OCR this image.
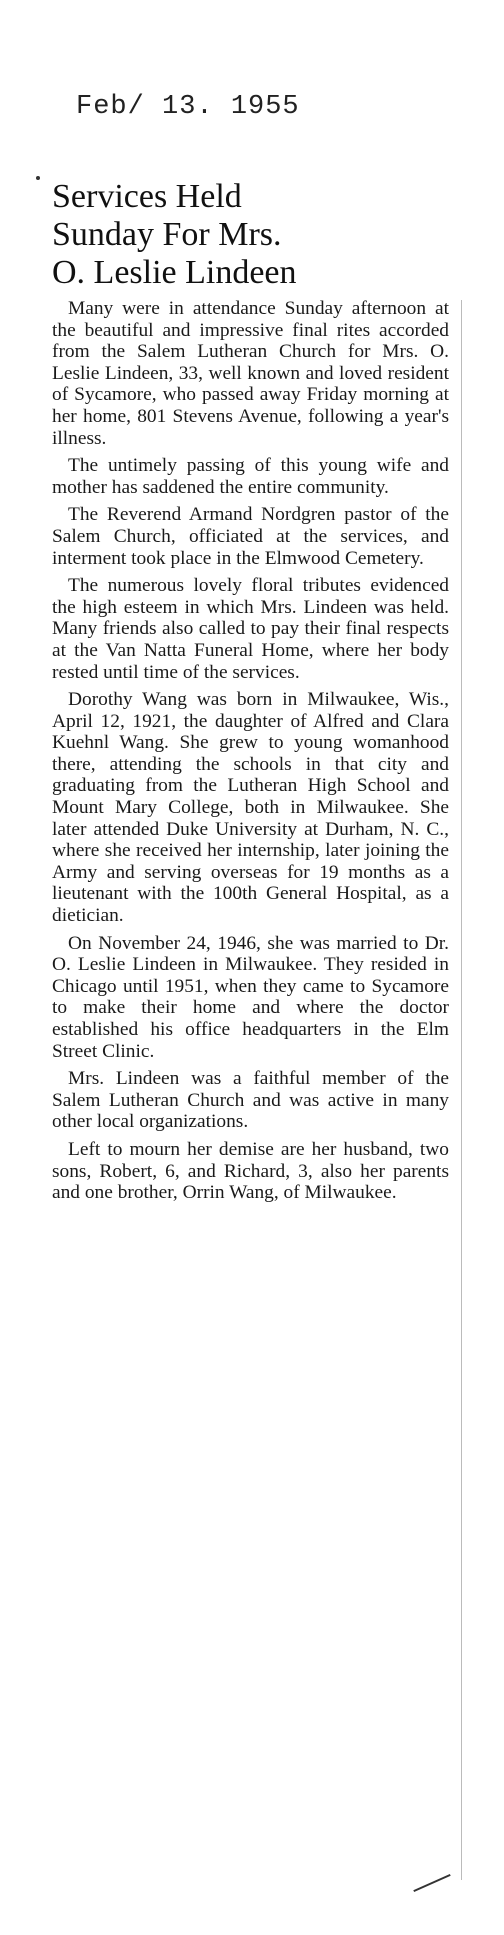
Feb/ 13. 1955
Services Held
Sunday For Mrs.
O. Leslie Lindeen

Many were in attendance Sunday afternoon at the beautiful and impressive final rites accorded from the Salem Lutheran Church for Mrs. O. Leslie Lindeen, 33, well known and loved resident of Sycamore, who passed away Friday morning at her home, 801 Stevens Avenue, following a year's illness.

The untimely passing of this young wife and mother has saddened the entire community.

The Reverend Armand Nordgren pastor of the Salem Church, officiated at the services, and interment took place in the Elmwood Cemetery.

The numerous lovely floral tributes evidenced the high esteem in which Mrs. Lindeen was held. Many friends also called to pay their final respects at the Van Natta Funeral Home, where her body rested until time of the services.

Dorothy Wang was born in Milwaukee, Wis., April 12, 1921, the daughter of Alfred and Clara Kuehnl Wang. She grew to young womanhood there, attending the schools in that city and graduating from the Lutheran High School and Mount Mary College, both in Milwaukee. She later attended Duke University at Durham, N. C., where she received her internship, later joining the Army and serving overseas for 19 months as a lieutenant with the 100th General Hospital, as a dietician.

On November 24, 1946, she was married to Dr. O. Leslie Lindeen in Milwaukee. They resided in Chicago until 1951, when they came to Sycamore to make their home and where the doctor established his office headquarters in the Elm Street Clinic.

Mrs. Lindeen was a faithful member of the Salem Lutheran Church and was active in many other local organizations.

Left to mourn her demise are her husband, two sons, Robert, 6, and Richard, 3, also her parents and one brother, Orrin Wang, of Milwaukee.
